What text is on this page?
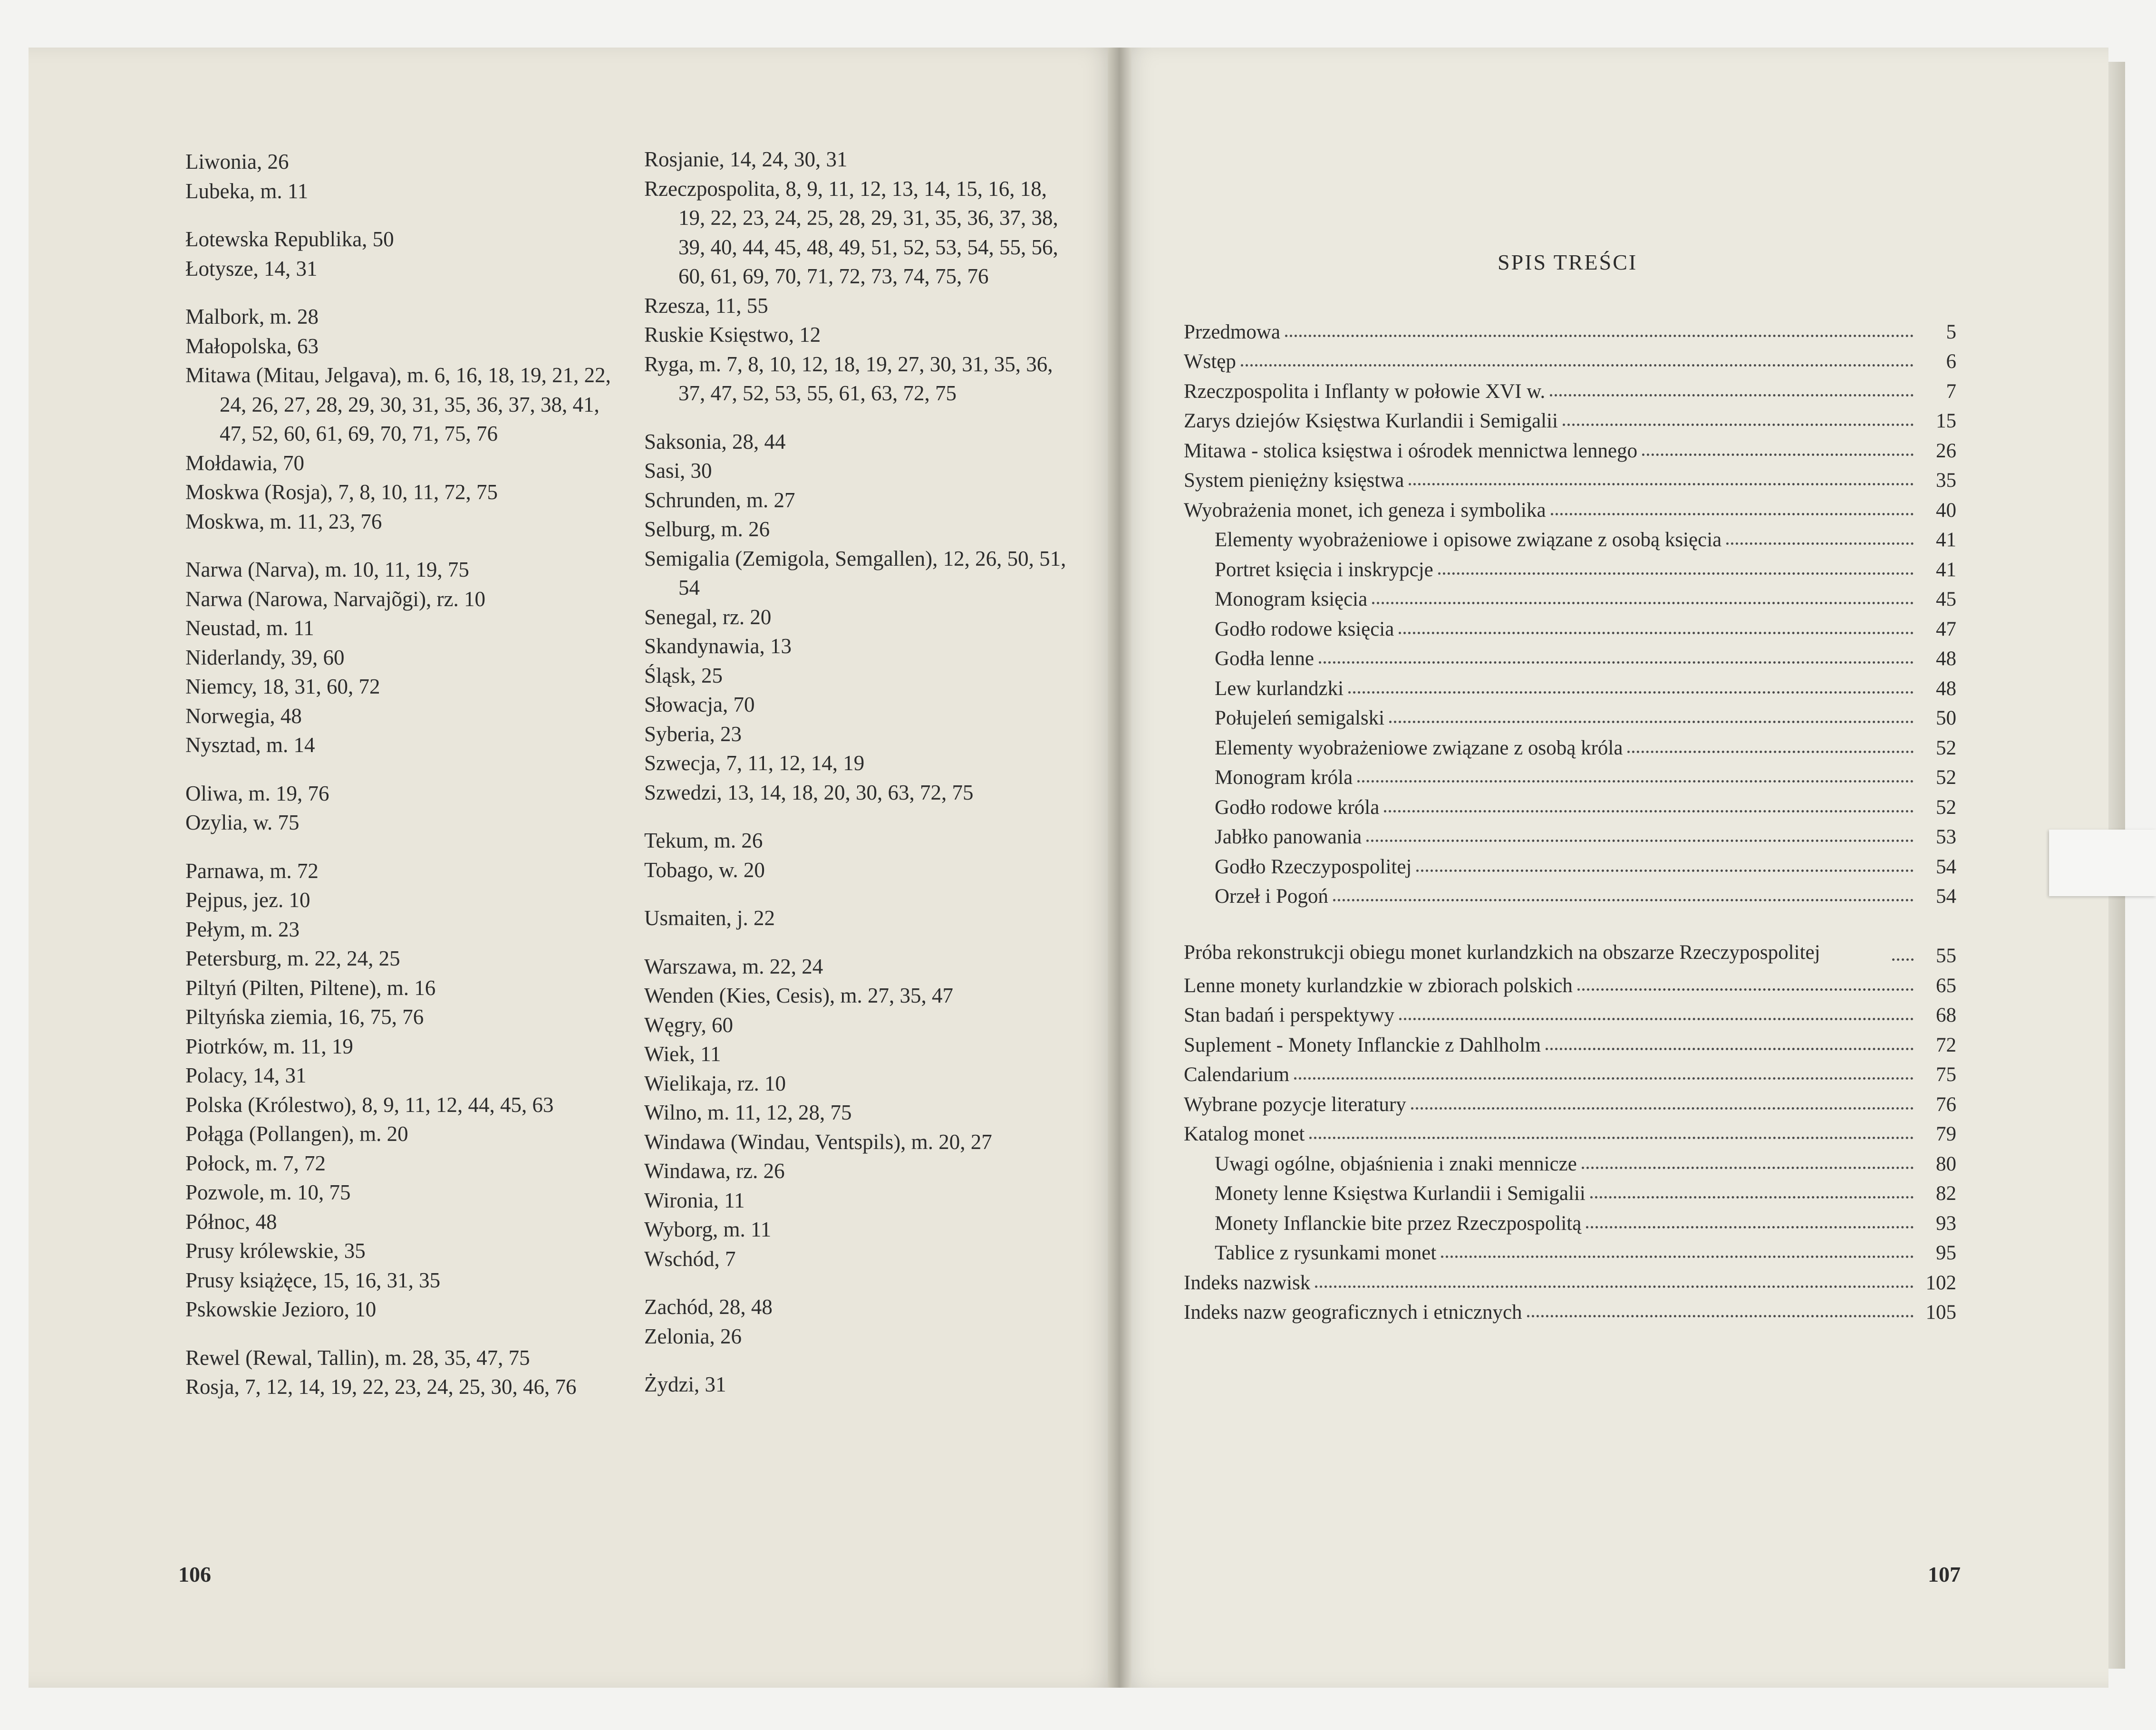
Liwonia, 26

Lubeka, m. 11

Łotewska Republika, 50

Łotysze, 14, 31

Malbork, m. 28

Małopolska, 63

Mitawa (Mitau, Jelgava), m. 6, 16, 18, 19, 21, 22, 24, 26, 27, 28, 29, 30, 31, 35, 36, 37, 38, 41, 47, 52, 60, 61, 69, 70, 71, 75, 76

Mołdawia, 70

Moskwa (Rosja), 7, 8, 10, 11, 72, 75

Moskwa, m. 11, 23, 76

Narwa (Narva), m. 10, 11, 19, 75

Narwa (Narowa, Narvajõgi), rz. 10

Neustad, m. 11

Niderlandy, 39, 60

Niemcy, 18, 31, 60, 72

Norwegia, 48

Nysztad, m. 14

Oliwa, m. 19, 76

Ozylia, w. 75

Parnawa, m. 72

Pejpus, jez. 10

Pełym, m. 23

Petersburg, m. 22, 24, 25

Piltyń (Pilten, Piltene), m. 16

Piltyńska ziemia, 16, 75, 76

Piotrków, m. 11, 19

Polacy, 14, 31

Polska (Królestwo), 8, 9, 11, 12, 44, 45, 63

Połąga (Pollangen), m. 20

Połock, m. 7, 72

Pozwole, m. 10, 75

Północ, 48

Prusy królewskie, 35

Prusy książęce, 15, 16, 31, 35

Pskowskie Jezioro, 10

Rewel (Rewal, Tallin), m. 28, 35, 47, 75

Rosja, 7, 12, 14, 19, 22, 23, 24, 25, 30, 46, 76

Rosjanie, 14, 24, 30, 31

Rzeczpospolita, 8, 9, 11, 12, 13, 14, 15, 16, 18, 19, 22, 23, 24, 25, 28, 29, 31, 35, 36, 37, 38, 39, 40, 44, 45, 48, 49, 51, 52, 53, 54, 55, 56, 60, 61, 69, 70, 71, 72, 73, 74, 75, 76

Rzesza, 11, 55

Ruskie Księstwo, 12

Ryga, m. 7, 8, 10, 12, 18, 19, 27, 30, 31, 35, 36, 37, 47, 52, 53, 55, 61, 63, 72, 75

Saksonia, 28, 44

Sasi, 30

Schrunden, m. 27

Selburg, m. 26

Semigalia (Zemigola, Semgallen), 12, 26, 50, 51, 54

Senegal, rz. 20

Skandynawia, 13

Śląsk, 25

Słowacja, 70

Syberia, 23

Szwecja, 7, 11, 12, 14, 19

Szwedzi, 13, 14, 18, 20, 30, 63, 72, 75

Tekum, m. 26

Tobago, w. 20

Usmaiten, j. 22

Warszawa, m. 22, 24

Wenden (Kies, Cesis), m. 27, 35, 47

Węgry, 60

Wiek, 11

Wielikaja, rz. 10

Wilno, m. 11, 12, 28, 75

Windawa (Windau, Ventspils), m. 20, 27

Windawa, rz. 26

Wironia, 11

Wyborg, m. 11

Wschód, 7

Zachód, 28, 48

Zelonia, 26

Żydzi, 31

106	107
SPIS TREŚCI
Przedmowa	5
Wstęp	6
Rzeczpospolita i Inflanty w połowie XVI w.	7
Zarys dziejów Księstwa Kurlandii i Semigalii	15
Mitawa - stolica księstwa i ośrodek mennictwa lennego	26
System pieniężny księstwa	35
Wyobrażenia monet, ich geneza i symbolika	40
Elementy wyobrażeniowe i opisowe związane z osobą księcia	41
Portret księcia i inskrypcje	41
Monogram księcia	45
Godło rodowe księcia	47
Godła lenne	48
Lew kurlandzki	48
Połujeleń semigalski	50
Elementy wyobrażeniowe związane z osobą króla	52
Monogram króla	52
Godło rodowe króla	52
Jabłko panowania	53
Godło Rzeczypospolitej	54
Orzeł i Pogoń	54
Próba rekonstrukcji obiegu monet kurlandzkich na obszarze Rzeczypospolitej	55
Lenne monety kurlandzkie w zbiorach polskich	65
Stan badań i perspektywy	68
Suplement - Monety Inflanckie z Dahlholm	72
Calendarium	75
Wybrane pozycje literatury	76
Katalog monet	79
Uwagi ogólne, objaśnienia i znaki mennicze	80
Monety lenne Księstwa Kurlandii i Semigalii	82
Monety Inflanckie bite przez Rzeczpospolitą	93
Tablice z rysunkami monet	95
Indeks nazwisk	102
Indeks nazw geograficznych i etnicznych	105
